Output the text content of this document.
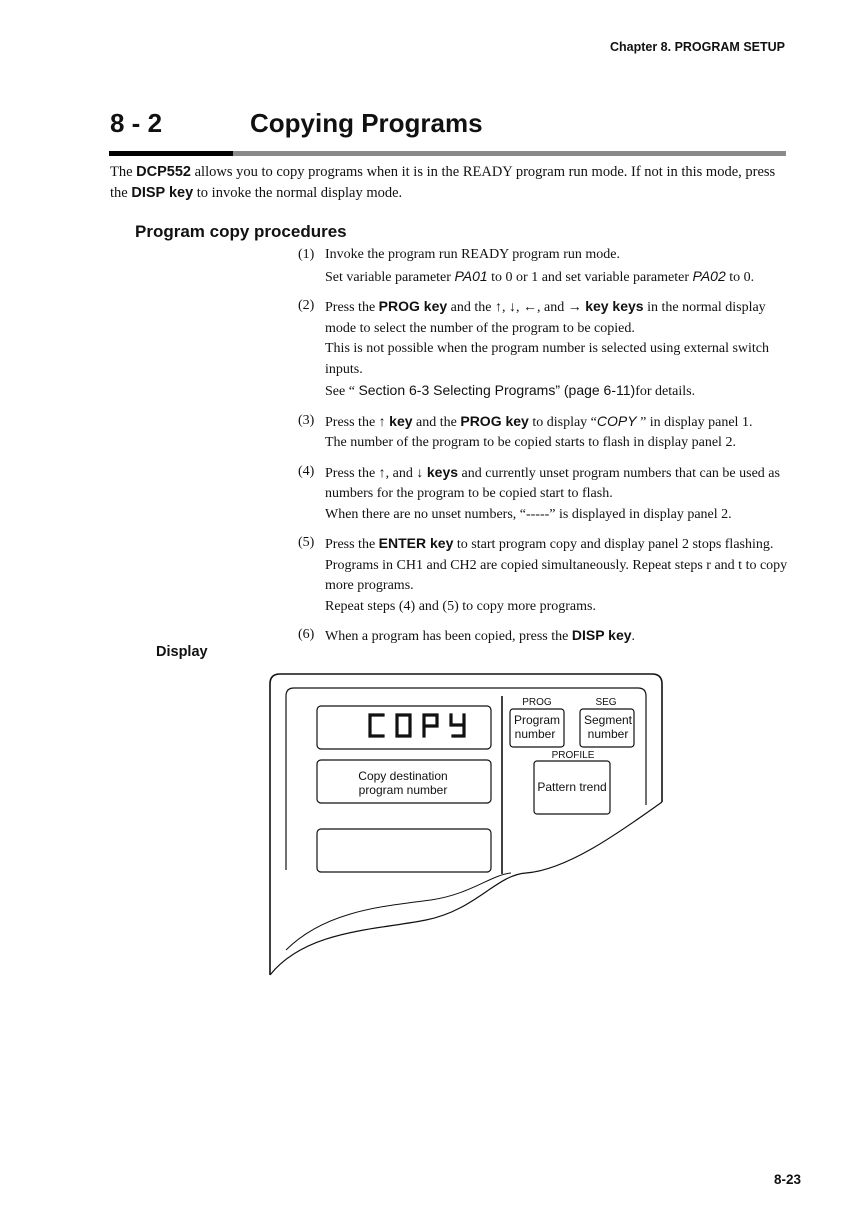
Chapter 8. PROGRAM SETUP
8 - 2	Copying Programs
The DCP552 allows you to copy programs when it is in the READY program run mode. If not in this mode, press the DISP key to invoke the normal display mode.
Program copy procedures
(1) Invoke the program run READY program run mode.

Set variable parameter PA01 to 0 or 1 and set variable parameter PA02 to 0.

(2) Press the PROG key and the ↑, ↓, ←, and → key keys in the normal display mode to select the number of the program to be copied.

This is not possible when the program number is selected using external switch inputs.

See “ Section 6-3 Selecting Programs” (page 6-11)for details.

(3) Press the ↑ key and the PROG key to display “COPY ” in display panel 1.

The number of the program to be copied starts to flash in display panel 2.

(4) Press the ↑, and ↓ keys and currently unset program numbers that can be used as numbers for the program to be copied start to flash.

When there are no unset numbers, “-----” is displayed in display panel 2.

(5) Press the ENTER key to start program copy and display panel 2 stops flashing. Programs in CH1 and CH2 are copied simultaneously. Repeat steps r and t to copy more programs.

Repeat steps (4) and (5) to copy more programs.

(6) When a program has been copied, press the DISP key.

Display
Copy destination
program number
PROG	SEG
Program
number
Segment
number
PROFILE
Pattern trend
8-23
